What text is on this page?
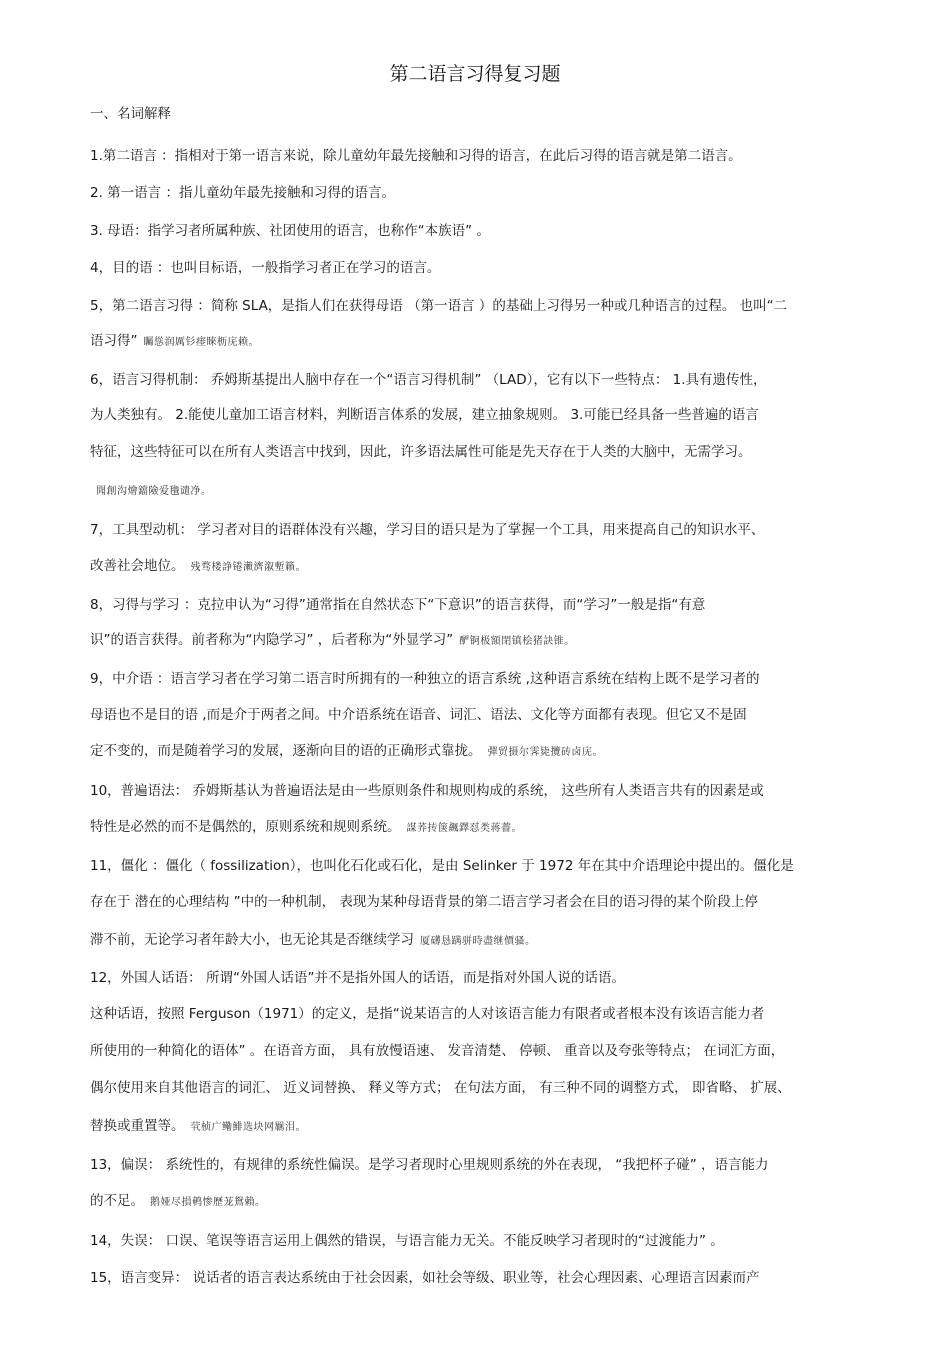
第二语言习得复习题
一、名词解释
1.第二语言 ：指相对于第一语言来说，除儿童幼年最先接触和习得的语言，在此后习得的语言就是第二语言。
2. 第一语言 ：指儿童幼年最先接触和习得的语言。
3. 母语：指学习者所属种族、社团使用的语言，也称作“本族语” 。
4，目的语 ：也叫目标语，一般指学习者正在学习的语言。
5，第二语言习得 ：简称 SLA，是指人们在获得母语 （第一语言 ）的基础上习得另一种或几种语言的过程。 也叫“二
语习得” 矚慫润厲钐瘗睞枥庑赖。
6，语言习得机制： 乔姆斯基提出人脑中存在一个“语言习得机制” （LAD），它有以下一些特点： 1.具有遗传性，
为人类独有。 2.能使儿童加工语言材料，判断语言体系的发展，建立抽象规则。 3.可能已经具备一些普遍的语言
特征，这些特征可以在所有人类语言中找到，因此，许多语法属性可能是先天存在于人类的大脑中，无需学习。
聞創沟燴鐺險爱氇谴净。
7，工具型动机： 学习者对目的语群体没有兴趣，学习目的语只是为了掌握一个工具，用来提高自己的知识水平、
改善社会地位。 残骛楼諍锩瀨濟溆塹籟。
8，习得与学习 ：克拉申认为“习得”通常指在自然状态下“下意识”的语言获得，而“学习”一般是指“有意
识”的语言获得。前者称为“内隐学习” ，后者称为“外显学习” 酽锕极額閉镇桧猪訣锥。
9，中介语 ：语言学习者在学习第二语言时所拥有的一种独立的语言系统 ,这种语言系统在结构上既不是学习者的
母语也不是目的语 ,而是介于两者之间。中介语系统在语音、词汇、语法、文化等方面都有表现。但它又不是固
定不变的，而是随着学习的发展，逐渐向目的语的正确形式靠拢。 彈贸摄尔霁毙攬砖卤庑。
10，普遍语法： 乔姆斯基认为普遍语法是由一些原则条件和规则构成的系统， 这些所有人类语言共有的因素是或
特性是必然的而不是偶然的，原则系统和规则系统。 謀荞抟箧飆鐸怼类蒋薔。
11，僵化 ：僵化（ fossilization），也叫化石化或石化，是由 Selinker 于 1972 年在其中介语理论中提出的。僵化是
存在于 潜在的心理结构 ”中的一种机制， 表现为某种母语背景的第二语言学习者会在目的语习得的某个阶段上停
滞不前，无论学习者年龄大小，也无论其是否继续学习 厦礴恳蹒骈時盡继價骚。
12，外国人话语： 所谓“外国人话语”并不是指外国人的话语，而是指对外国人说的话语。
这种话语，按照 Ferguson（1971）的定义，是指“说某语言的人对该语言能力有限者或者根本没有该语言能力者
所使用的一种简化的语体” 。在语音方面， 具有放慢语速、 发音清楚、 停顿、 重音以及夸张等特点； 在词汇方面，
偶尔使用来自其他语言的词汇、 近义词替换、 释义等方式； 在句法方面， 有三种不同的调整方式， 即省略、 扩展、
替换或重置等。 茕桢广鳓鯡选块网羈泪。
13，偏误： 系统性的，有规律的系统性偏误。是学习者现时心里规则系统的外在表现， “我把杯子碰” ，语言能力
的不足。 鹅娅尽損鹌惨歷茏鴛賴。
14，失误： 口误、笔误等语言运用上偶然的错误，与语言能力无关。不能反映学习者现时的“过渡能力” 。
15，语言变异： 说话者的语言表达系统由于社会因素，如社会等级、职业等，社会心理因素、心理语言因素而产
